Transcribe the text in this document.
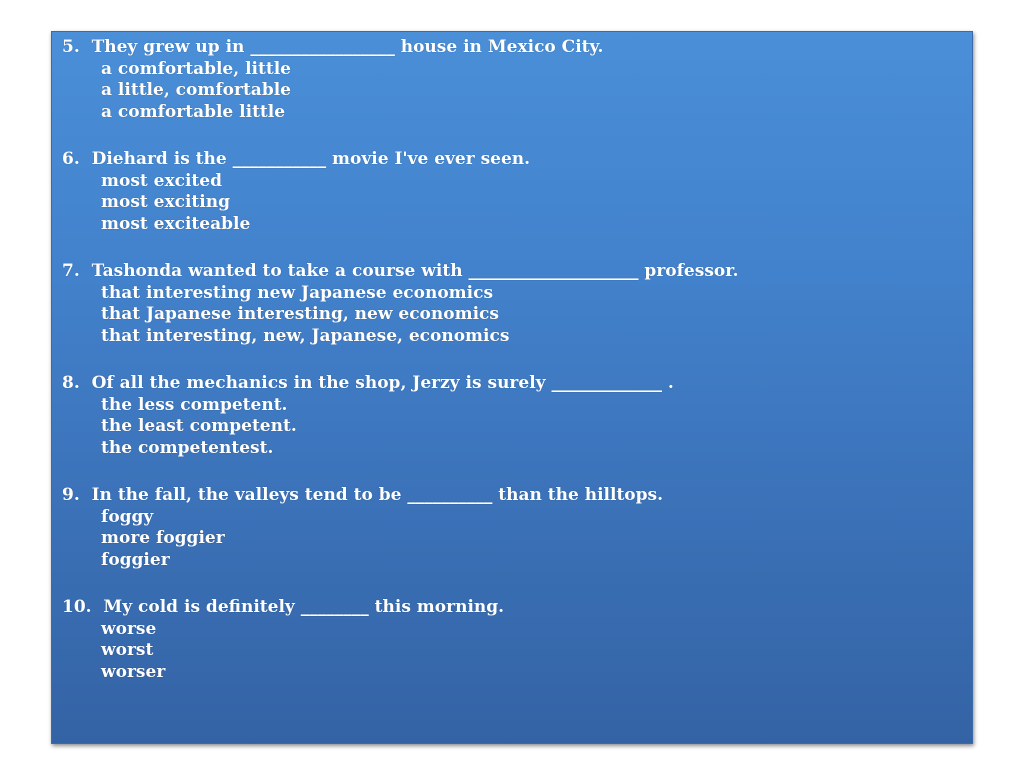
5.  They grew up in _________________ house in Mexico City.
a comfortable, little
a little, comfortable
a comfortable little
6.  Diehard is the ___________ movie I've ever seen.
most excited
most exciting
most exciteable
7.  Tashonda wanted to take a course with ____________________ professor.
that interesting new Japanese economics
that Japanese interesting, new economics
that interesting, new, Japanese, economics
8.  Of all the mechanics in the shop, Jerzy is surely _____________ .
the less competent.
the least competent.
the competentest.
9.  In the fall, the valleys tend to be __________ than the hilltops.
foggy
more foggier
foggier
10.  My cold is definitely ________ this morning.
worse
worst
worser
